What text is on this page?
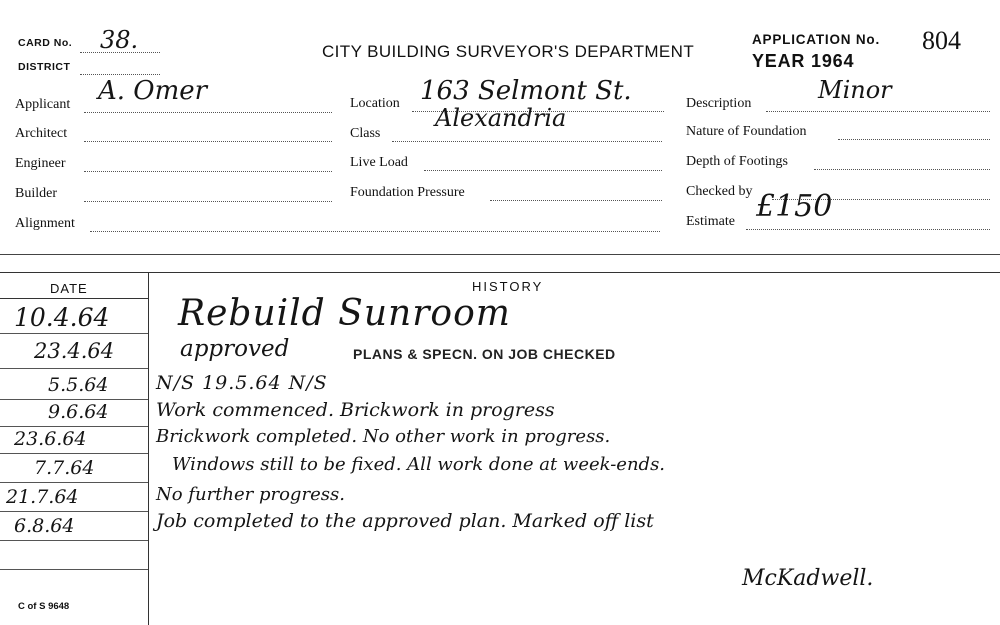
CARD No. 38.
DISTRICT
CITY BUILDING SURVEYOR'S DEPARTMENT
APPLICATION No. 804
YEAR 1964
Applicant A. Omer
Architect
Engineer
Builder
Alignment
Location 163 Selmont St.
Class
Alexandria
Live Load
Foundation Pressure
Description	Minor
Nature of Foundation
Depth of Footings
Checked by
Estimate £150
DATE	HISTORY
10.4.64 Rebuild Sunroom
23.4.64	approved	PLANS & SPECN. ON JOB CHECKED
5.5.64	N/S 19.5.64 N/S
9.6.64	Work commenced. Brickwork in progress
23.6.64	Brickwork completed. No other work in progress.
7.7.64	Windows still to be fixed. All work done at week-ends.
21.7.64	No further progress.
6.8.64	Job completed to the approved plan. Marked off list
McKadwell.
C of S 9648
